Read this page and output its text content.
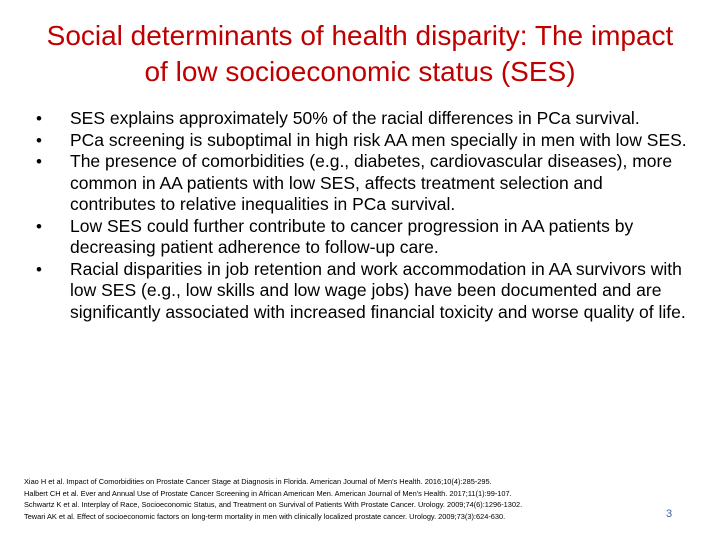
Social determinants of health disparity: The impact
of low socioeconomic status (SES)
•	SES explains approximately 50% of the racial differences in PCa survival.
•	PCa screening is suboptimal in high risk AA men specially in men with low SES.
•	The presence of comorbidities (e.g., diabetes, cardiovascular diseases), more common in AA patients with low SES, affects treatment selection and contributes to relative inequalities in PCa survival.
•	Low SES could further contribute to cancer progression in AA patients by decreasing patient adherence to follow-up care.
•	Racial disparities in job retention and work accommodation in AA survivors with low SES (e.g., low skills and low wage jobs) have been documented and are significantly associated with increased financial toxicity and worse quality of life.
Xiao H et al. Impact of Comorbidities on Prostate Cancer Stage at Diagnosis in Florida. American Journal of Men's Health. 2016;10(4):285-295.
Halbert CH et al. Ever and Annual Use of Prostate Cancer Screening in African American Men. American Journal of Men's Health. 2017;11(1):99-107.
Schwartz K et al. Interplay of Race, Socioeconomic Status, and Treatment on Survival of Patients With Prostate Cancer. Urology. 2009;74(6):1296-1302.
Tewari AK et al. Effect of socioeconomic factors on long-term mortality in men with clinically localized prostate cancer. Urology. 2009;73(3):624-630.	3
